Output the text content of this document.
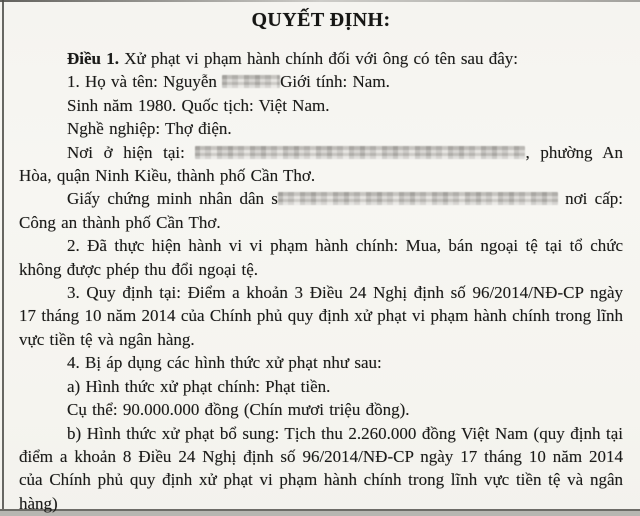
QUYẾT ĐỊNH:

Điều 1. Xử phạt vi phạm hành chính đối với ông có tên sau đây:

1. Họ và tên: Nguyễn	Giới tính: Nam.

Sinh năm 1980. Quốc tịch: Việt Nam.

Nghề nghiệp: Thợ điện.

Nơi ở hiện tại:	, phường An Hòa, quận Ninh Kiều, thành phố Cần Thơ.

Giấy chứng minh nhân dân s	nơi cấp: Công an thành phố Cần Thơ.

2. Đã thực hiện hành vi vi phạm hành chính: Mua, bán ngoại tệ tại tổ chức không được phép thu đổi ngoại tệ.

3. Quy định tại: Điểm a khoản 3 Điều 24 Nghị định số 96/2014/NĐ-CP ngày 17 tháng 10 năm 2014 của Chính phủ quy định xử phạt vi phạm hành chính trong lĩnh vực tiền tệ và ngân hàng.

4. Bị áp dụng các hình thức xử phạt như sau:

a) Hình thức xử phạt chính: Phạt tiền.

Cụ thể: 90.000.000 đồng (Chín mươi triệu đồng).

b) Hình thức xử phạt bổ sung: Tịch thu 2.260.000 đồng Việt Nam (quy định tại điểm a khoản 8 Điều 24 Nghị định số 96/2014/NĐ-CP ngày 17 tháng 10 năm 2014 của Chính phủ quy định xử phạt vi phạm hành chính trong lĩnh vực tiền tệ và ngân hàng)
